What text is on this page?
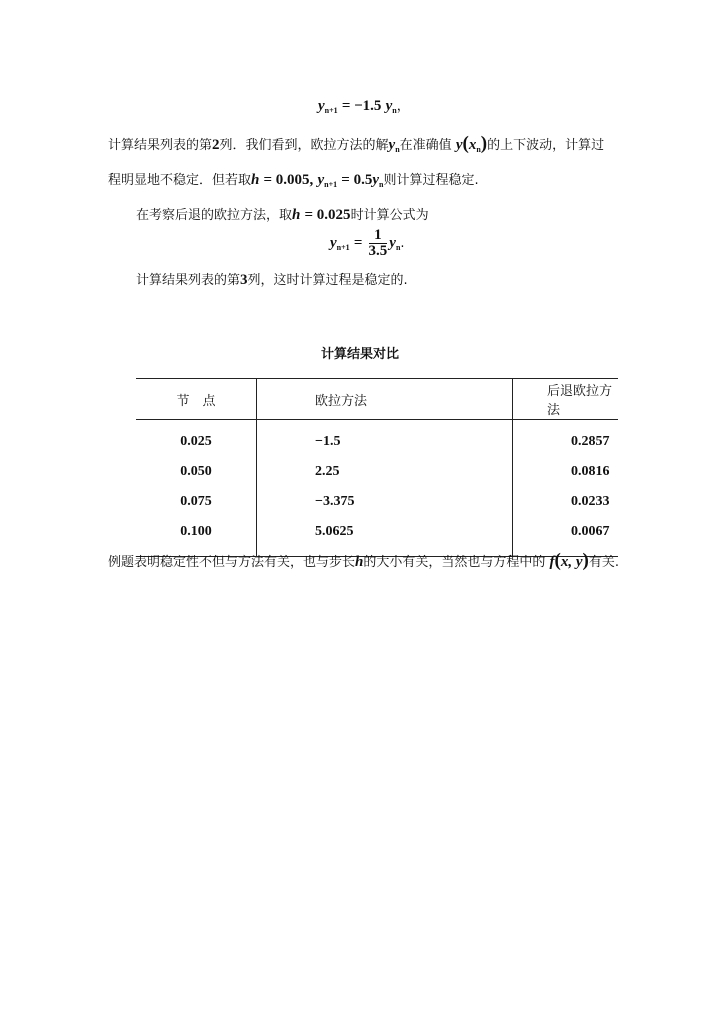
$y_{n+1} = -1.5$ $y_n$，
计算结果列表的第2列．我们看到，欧拉方法的解$y_n$在准确值 $y(x_n)$的上下波动，计算过
程明显地不稳定．但若取h = 0.005, $y_{n+1} = 0.5y_n$则计算过程稳定.
在考察后退的欧拉方法，取h = 0.025时计算公式为
$y_{n+1} = \frac{1}{3.5} y_n$.
计算结果列表的第3列，这时计算过程是稳定的.
计算结果对比
节　点	欧拉方法	后退欧拉方法
0.025	−1.5	0.2857
0.050	2.25	0.0816
0.075	−3.375	0.0233
0.100	5.0625	0.0067
例题表明稳定性不但与方法有关，也与步长h的大小有关，当然也与方程中的 f(x, y)有关.
